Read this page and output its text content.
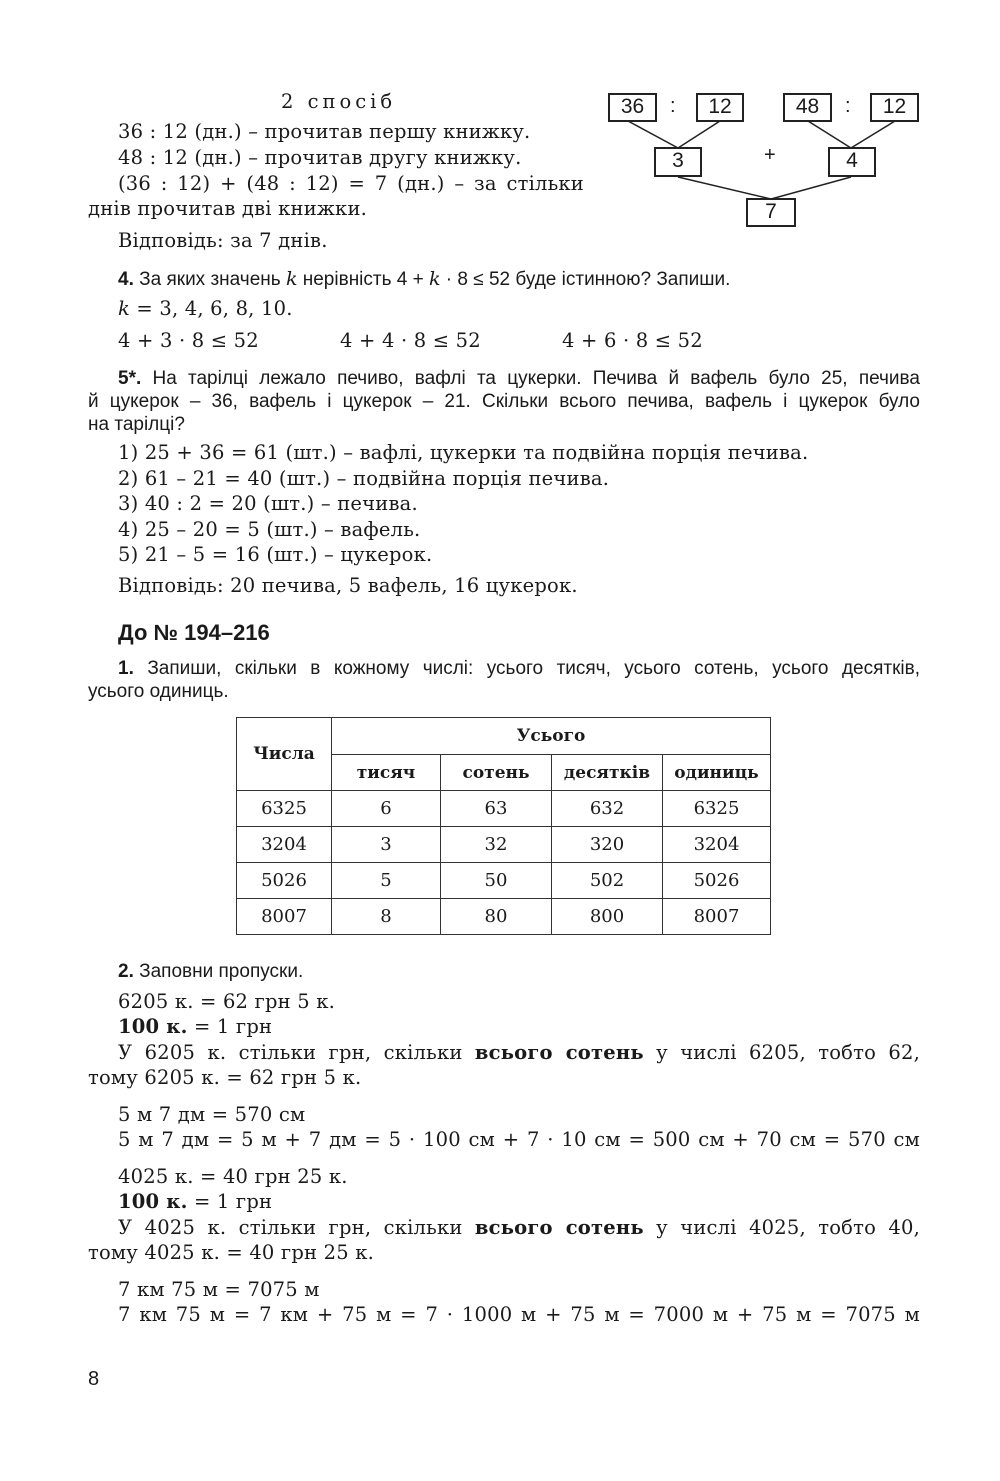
2 спосіб
36 : 12 (дн.) – прочитав першу книжку.
48 : 12 (дн.) – прочитав другу книжку.
(36 : 12) + (48 : 12) = 7 (дн.) – за стільки
днів прочитав дві книжки.
Відповідь: за 7 днів.
36	:	12	48	:	12
3	+	4
7
4. За яких значень k нерівність 4 + k · 8 ≤ 52 буде істинною? Запиши.
k = 3, 4, 6, 8, 10.
4 + 3 · 8 ≤ 52	4 + 4 · 8 ≤ 52	4 + 6 · 8 ≤ 52
5*. На тарілці лежало печиво, вафлі та цукерки. Печива й вафель було 25, печива
й цукерок – 36, вафель і цукерок – 21. Скільки всього печива, вафель і цукерок було
на тарілці?
1) 25 + 36 = 61 (шт.) – вафлі, цукерки та подвійна порція печива.
2) 61 – 21 = 40 (шт.) – подвійна порція печива.
3) 40 : 2 = 20 (шт.) – печива.
4) 25 – 20 = 5 (шт.) – вафель.
5) 21 – 5 = 16 (шт.) – цукерок.
Відповідь: 20 печива, 5 вафель, 16 цукерок.
До № 194–216
1. Запиши, скільки в кожному числі: усього тисяч, усього сотень, усього десятків,
усього одиниць.
Числа	Усього			
	тисяч	сотень	десятків	одиниць
6325	6	63	632	6325
3204	3	32	320	3204
5026	5	50	502	5026
8007	8	80	800	8007
2. Заповни пропуски.
6205 к. = 62 грн 5 к.
100 к. = 1 грн
У 6205 к. стільки грн, скільки всього сотень у числі 6205, тобто 62,
тому 6205 к. = 62 грн 5 к.
5 м 7 дм = 570 см
5 м 7 дм = 5 м + 7 дм = 5 · 100 см + 7 · 10 см = 500 см + 70 см = 570 см
4025 к. = 40 грн 25 к.
100 к. = 1 грн
У 4025 к. стільки грн, скільки всього сотень у числі 4025, тобто 40,
тому 4025 к. = 40 грн 25 к.
7 км 75 м = 7075 м
7 км 75 м = 7 км + 75 м = 7 · 1000 м + 75 м = 7000 м + 75 м = 7075 м
8
